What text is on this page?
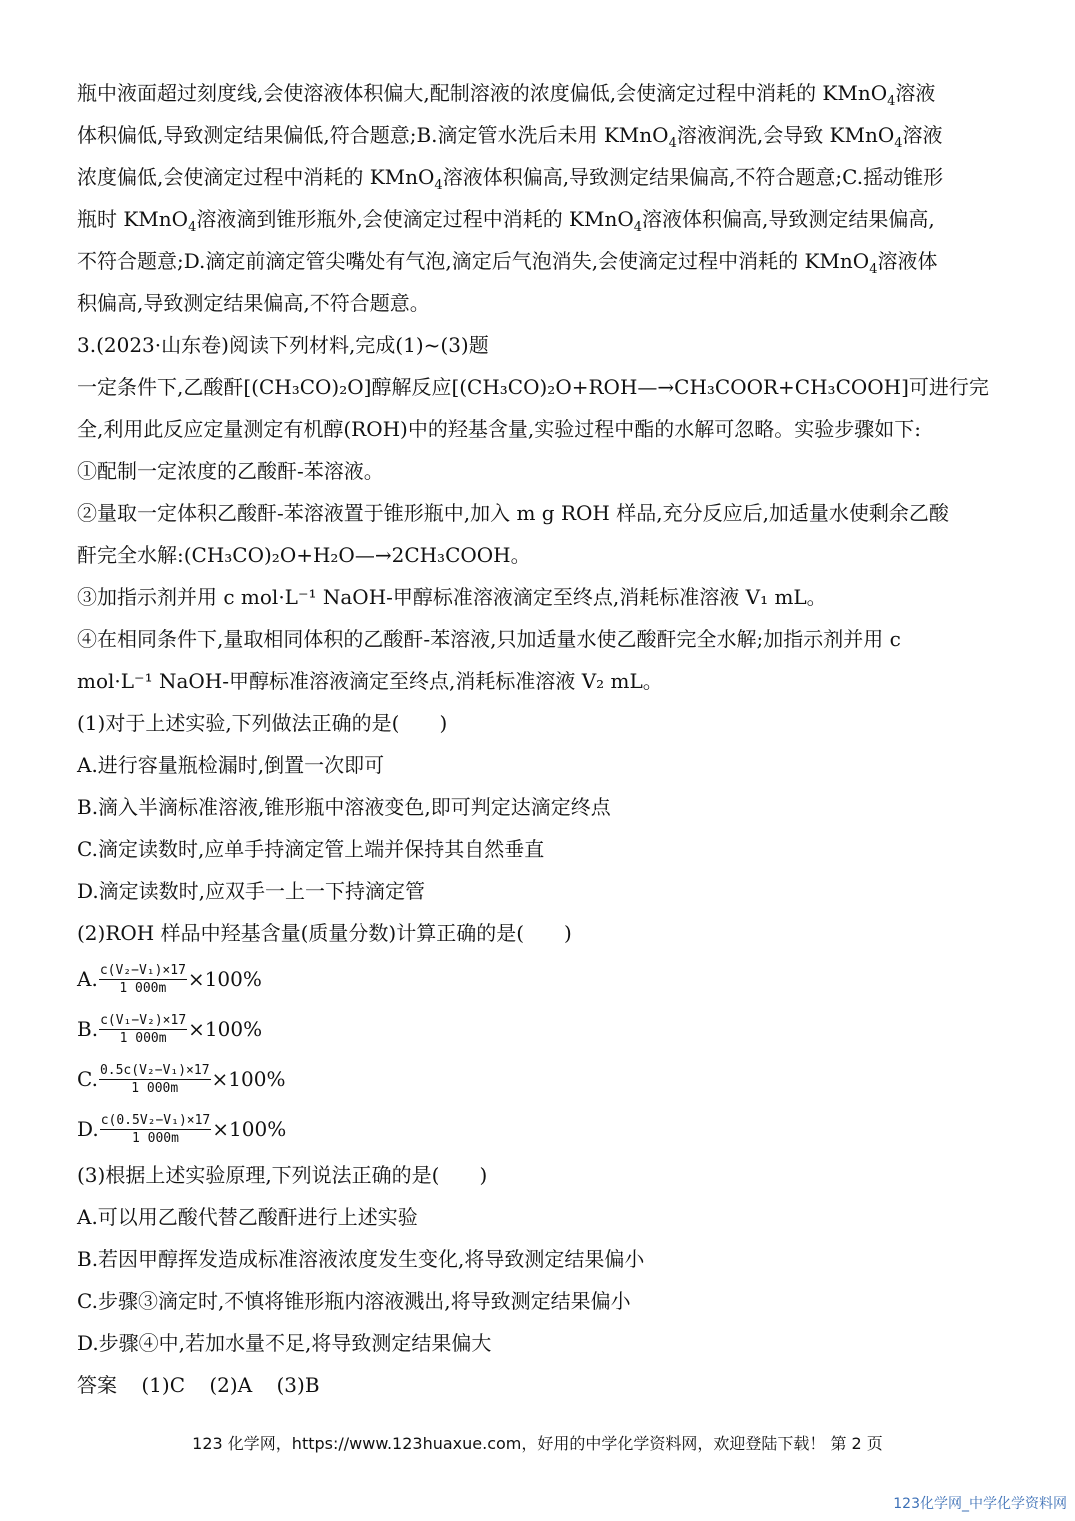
瓶中液面超过刻度线,会使溶液体积偏大,配制溶液的浓度偏低,会使滴定过程中消耗的 KMnO$_4$溶液
体积偏低,导致测定结果偏低,符合题意;B.滴定管水洗后未用 KMnO$_4$溶液润洗,会导致 KMnO$_4$溶液
浓度偏低,会使滴定过程中消耗的 KMnO$_4$溶液体积偏高,导致测定结果偏高,不符合题意;C.摇动锥形
瓶时 KMnO$_4$溶液滴到锥形瓶外,会使滴定过程中消耗的 KMnO$_4$溶液体积偏高,导致测定结果偏高,
不符合题意;D.滴定前滴定管尖嘴处有气泡,滴定后气泡消失,会使滴定过程中消耗的 KMnO$_4$溶液体
积偏高,导致测定结果偏高,不符合题意。
3.(2023·山东卷)阅读下列材料,完成(1)~(3)题
一定条件下,乙酸酐[(CH₃CO)₂O]醇解反应[(CH₃CO)₂O+ROH—→CH₃COOR+CH₃COOH]可进行完
全,利用此反应定量测定有机醇(ROH)中的羟基含量,实验过程中酯的水解可忽略。实验步骤如下:
①配制一定浓度的乙酸酐-苯溶液。
②量取一定体积乙酸酐-苯溶液置于锥形瓶中,加入 m g ROH 样品,充分反应后,加适量水使剩余乙酸
酐完全水解:(CH₃CO)₂O+H₂O—→2CH₃COOH。
③加指示剂并用 c mol·L⁻¹ NaOH-甲醇标准溶液滴定至终点,消耗标准溶液 V₁ mL。
④在相同条件下,量取相同体积的乙酸酐-苯溶液,只加适量水使乙酸酐完全水解;加指示剂并用 c
mol·L⁻¹ NaOH-甲醇标准溶液滴定至终点,消耗标准溶液 V₂ mL。
(1)对于上述实验,下列做法正确的是(　　)
A.进行容量瓶检漏时,倒置一次即可
B.滴入半滴标准溶液,锥形瓶中溶液变色,即可判定达滴定终点
C.滴定读数时,应单手持滴定管上端并保持其自然垂直
D.滴定读数时,应双手一上一下持滴定管
(2)ROH 样品中羟基含量(质量分数)计算正确的是(　　)
A. $\frac{\text{c(V₂−V₁)×17}}{1 000m} \times 100\%$
B. $\frac{\text{c(V₁−V₂)×17}}{1 000m} \times 100\%$
C. $\frac{\text{0.5c(V₂−V₁)×17}}{1 000m} \times 100\%$
D. $\frac{\text{c(0.5V₂−V₁)×17}}{1 000m} \times 100\%$
(3)根据上述实验原理,下列说法正确的是(　　)
A.可以用乙酸代替乙酸酐进行上述实验
B.若因甲醇挥发造成标准溶液浓度发生变化,将导致测定结果偏小
C.步骤③滴定时,不慎将锥形瓶内溶液溅出,将导致测定结果偏小
D.步骤④中,若加水量不足,将导致测定结果偏大
答案 (1)C (2)A (3)B
123 化学网，https://www.123huaxue.com，好用的中学化学资料网，欢迎登陆下载！ 第 2 页
123化学网_中学化学资料网
